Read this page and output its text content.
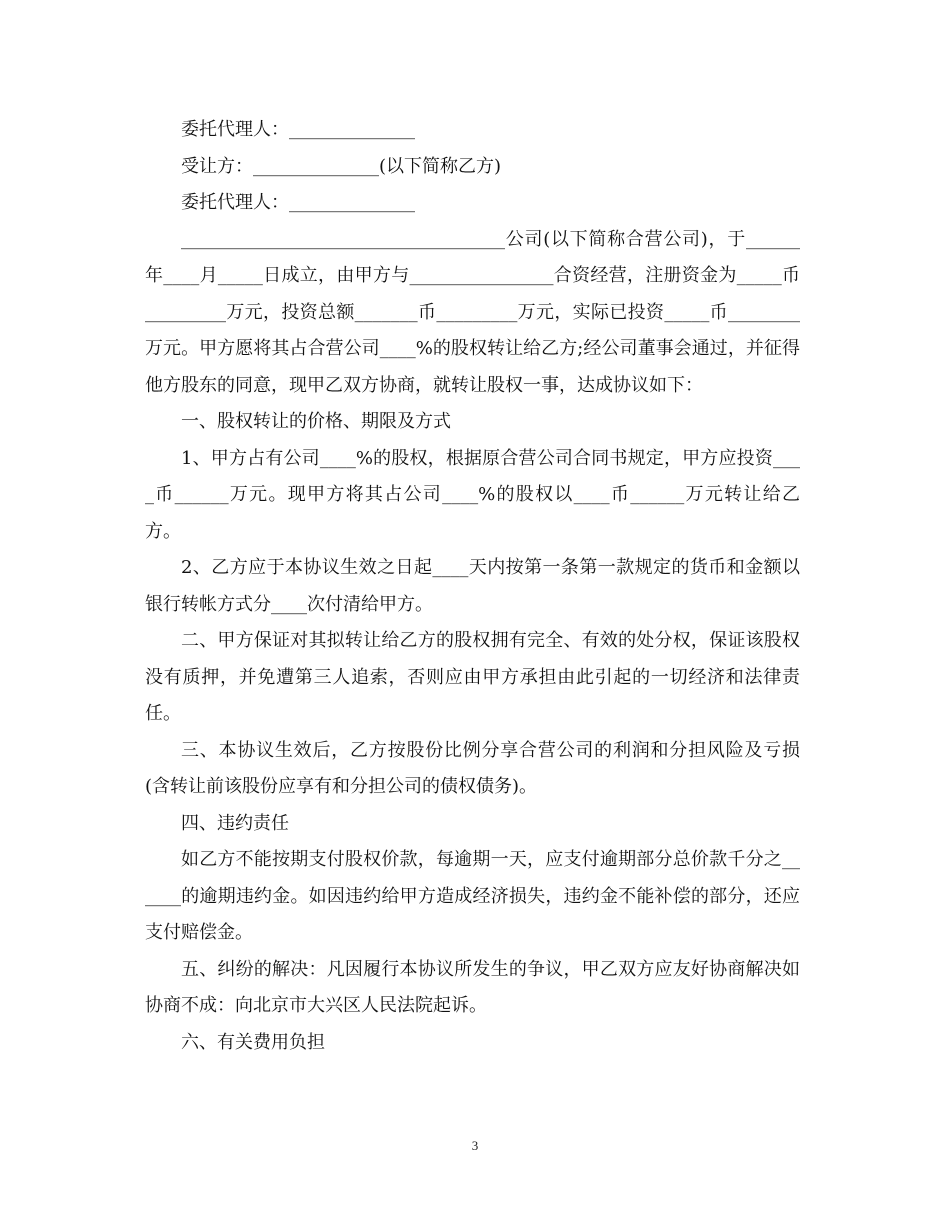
委托代理人：______________

受让方：______________(以下简称乙方)

委托代理人：______________

____________________________________公司(以下简称合营公司)，于______年____月_____日成立，由甲方与________________合资经营，注册资金为_____币_________万元，投资总额_______币_________万元，实际已投资_____币________万元。甲方愿将其占合营公司____%的股权转让给乙方;经公司董事会通过，并征得他方股东的同意，现甲乙双方协商，就转让股权一事，达成协议如下：

一、股权转让的价格、期限及方式

1、甲方占有公司____%的股权，根据原合营公司合同书规定，甲方应投资____币______万元。现甲方将其占公司____%的股权以____币______万元转让给乙方。

2、乙方应于本协议生效之日起____天内按第一条第一款规定的货币和金额以银行转帐方式分____次付清给甲方。

二、甲方保证对其拟转让给乙方的股权拥有完全、有效的处分权，保证该股权没有质押，并免遭第三人追索，否则应由甲方承担由此引起的一切经济和法律责任。

三、本协议生效后，乙方按股份比例分享合营公司的利润和分担风险及亏损(含转让前该股份应享有和分担公司的债权债务)。

四、违约责任

如乙方不能按期支付股权价款，每逾期一天，应支付逾期部分总价款千分之______的逾期违约金。如因违约给甲方造成经济损失，违约金不能补偿的部分，还应支付赔偿金。

五、纠纷的解决：凡因履行本协议所发生的争议，甲乙双方应友好协商解决如协商不成：向北京市大兴区人民法院起诉。

六、有关费用负担

3
